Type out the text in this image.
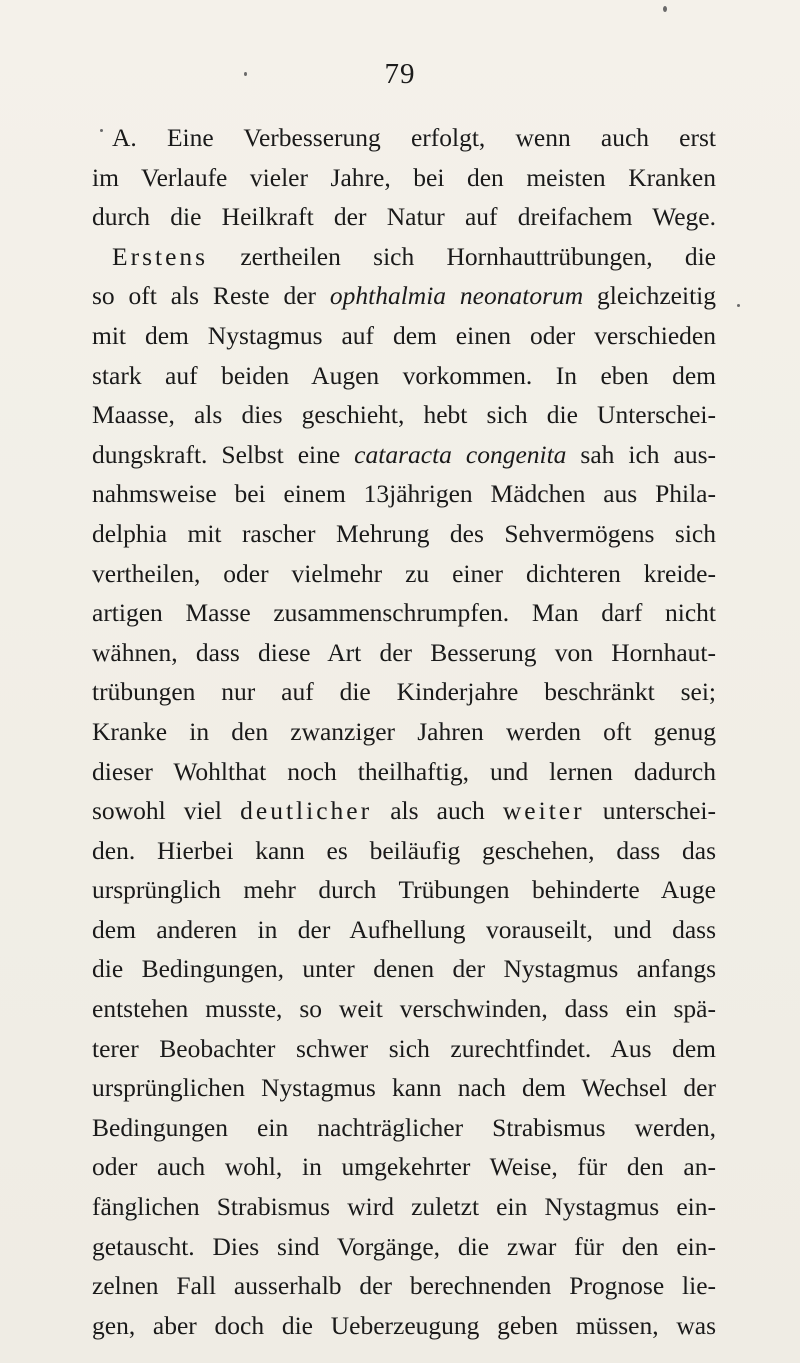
79
A. Eine Verbesserung erfolgt, wenn auch erst
im Verlaufe vieler Jahre, bei den meisten Kranken
durch die Heilkraft der Natur auf dreifachem Wege.
Erstens zertheilen sich Hornhauttrübungen, die
so oft als Reste der ophthalmia neonatorum gleichzeitig
mit dem Nystagmus auf dem einen oder verschieden
stark auf beiden Augen vorkommen. In eben dem
Maasse, als dies geschieht, hebt sich die Unterschei-
dungskraft. Selbst eine cataracta congenita sah ich aus-
nahmsweise bei einem 13jährigen Mädchen aus Phila-
delphia mit rascher Mehrung des Sehvermögens sich
vertheilen, oder vielmehr zu einer dichteren kreide-
artigen Masse zusammenschrumpfen. Man darf nicht
wähnen, dass diese Art der Besserung von Hornhaut-
trübungen nur auf die Kinderjahre beschränkt sei;
Kranke in den zwanziger Jahren werden oft genug
dieser Wohlthat noch theilhaftig, und lernen dadurch
sowohl viel deutlicher als auch weiter unterschei-
den. Hierbei kann es beiläufig geschehen, dass das
ursprünglich mehr durch Trübungen behinderte Auge
dem anderen in der Aufhellung vorauseilt, und dass
die Bedingungen, unter denen der Nystagmus anfangs
entstehen musste, so weit verschwinden, dass ein spä-
terer Beobachter schwer sich zurechtfindet. Aus dem
ursprünglichen Nystagmus kann nach dem Wechsel der
Bedingungen ein nachträglicher Strabismus werden,
oder auch wohl, in umgekehrter Weise, für den an-
fänglichen Strabismus wird zuletzt ein Nystagmus ein-
getauscht. Dies sind Vorgänge, die zwar für den ein-
zelnen Fall ausserhalb der berechnenden Prognose lie-
gen, aber doch die Ueberzeugung geben müssen, was
